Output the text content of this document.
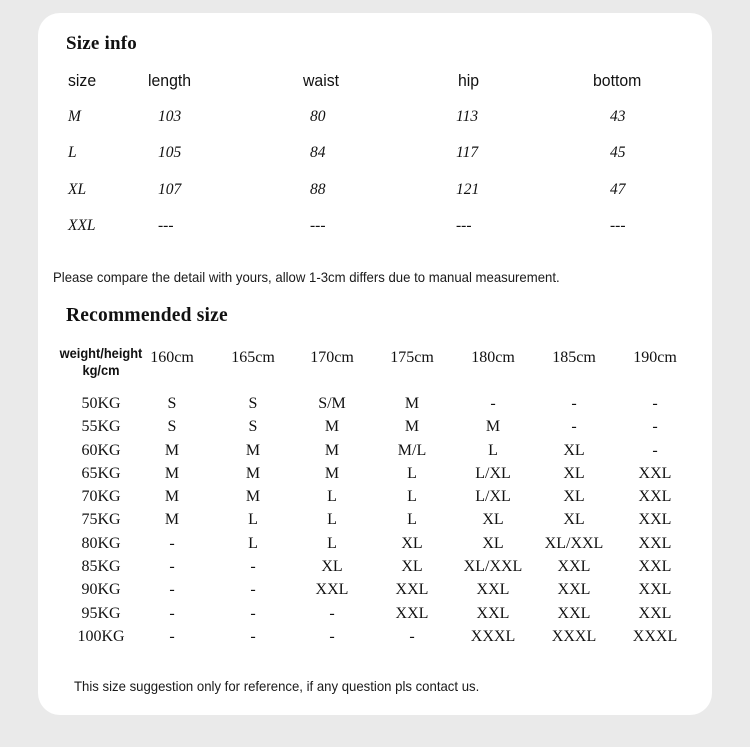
Size info
size	length	waist	hip	bottom
M	103	80	113	43
L	105	84	117	45
XL	107	88	121	47
XXL	---	---	---	---
Please compare the detail with yours, allow 1-3cm differs due to manual measurement.
Recommended size
weight/height
kg/cm
160cm	165cm	170cm	175cm	180cm	185cm	190cm
50KG	S	S	S/M	M	-	-	-
55KG	S	S	M	M	M	-	-
60KG	M	M	M	M/L	L	XL	-
65KG	M	M	M	L	L/XL	XL	XXL
70KG	M	M	L	L	L/XL	XL	XXL
75KG	M	L	L	L	XL	XL	XXL
80KG	-	L	L	XL	XL	XL/XXL	XXL
85KG	-	-	XL	XL	XL/XXL	XXL	XXL
90KG	-	-	XXL	XXL	XXL	XXL	XXL
95KG	-	-	-	XXL	XXL	XXL	XXL
100KG	-	-	-	-	XXXL	XXXL	XXXL
This size suggestion only for reference, if any question pls contact us.
